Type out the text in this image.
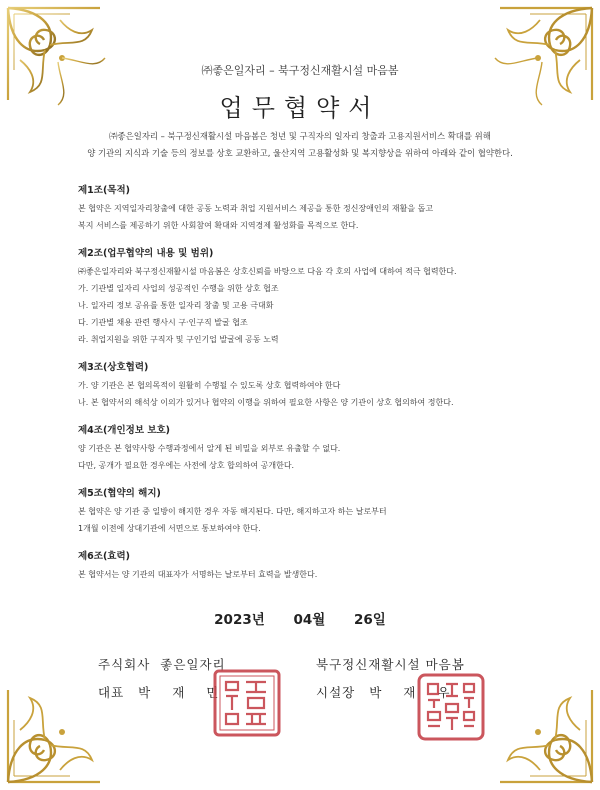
㈜좋은일자리 – 북구정신재활시설 마음봄
업무협약서
㈜좋은일자리 – 북구정신재활시설 마음봄은 청년 및 구직자의 일자리 창출과 고용지원서비스 확대를 위해
양 기관의 지식과 기술 등의 정보를 상호 교환하고, 울산지역 고용활성화 및 복지향상을 위하여 아래와 같이 협약한다.
제1조(목적)

본 협약은 지역일자리창출에 대한 공동 노력과 취업 지원서비스 제공을 통한 정신장애인의 재활을 돕고

복지 서비스를 제공하기 위한 사회참여 확대와 지역경제 활성화를 목적으로 한다.

제2조(업무협약의 내용 및 범위)

㈜좋은일자리와 북구정신재활시설 마음봄은 상호신뢰를 바탕으로 다음 각 호의 사업에 대하여 적극 협력한다.

가. 기관별 일자리 사업의 성공적인 수행을 위한 상호 협조

나. 일자리 정보 공유를 통한 일자리 창출 및 고용 극대화

다. 기관별 채용 관련 행사시 구·인구직 발굴 협조

라. 취업지원을 위한 구직자 및 구인기업 발굴에 공동 노력

제3조(상호협력)

가. 양 기관은 본 협의목적이 원활히 수행될 수 있도록 상호 협력하여야 한다

나. 본 협약서의 해석상 이의가 있거나 협약의 이행을 위하여 필요한 사항은 양 기관이 상호 협의하여 정한다.

제4조(개인정보 보호)

양 기관은 본 협약사항 수행과정에서 알게 된 비밀을 외부로 유출할 수 없다.

다만, 공개가 필요한 경우에는 사전에 상호 합의하여 공개한다.

제5조(협약의 해지)

본 협약은 양 기관 중 일방이 해지한 경우 자동 해지된다. 다만, 해지하고자 하는 날로부터

1개월 이전에 상대기관에 서면으로 통보하여야 한다.

제6조(효력)

본 협약서는 양 기관의 대표자가 서명하는 날로부터 효력을 발생한다.

2023년 04월 26일
주식회사  좋은일자리
대표 박 재 민
북구정신재활시설 마음봄
시설장 박 재 우
